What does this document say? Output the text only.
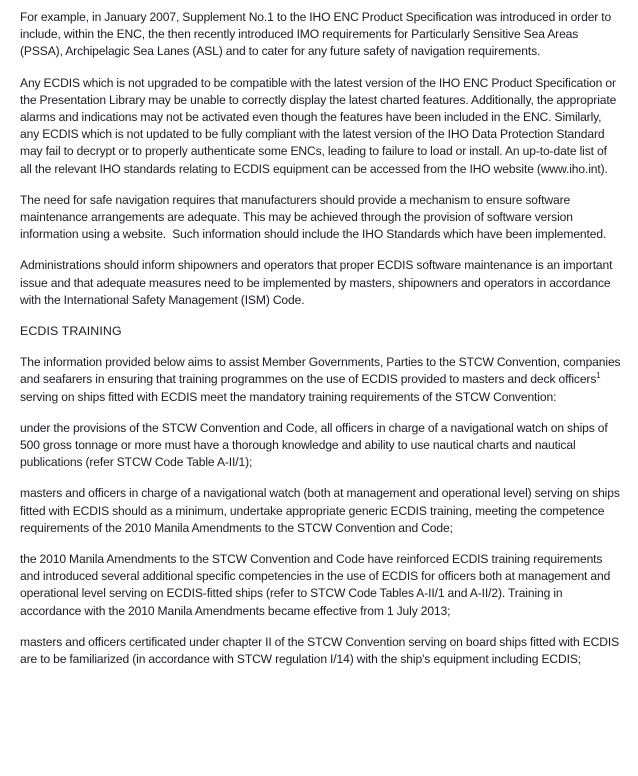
For example, in January 2007, Supplement No.1 to the IHO ENC Product Specification was introduced in order to include, within the ENC, the then recently introduced IMO requirements for Particularly Sensitive Sea Areas (PSSA), Archipelagic Sea Lanes (ASL) and to cater for any future safety of navigation requirements.

Any ECDIS which is not upgraded to be compatible with the latest version of the IHO ENC Product Specification or the Presentation Library may be unable to correctly display the latest charted features. Additionally, the appropriate alarms and indications may not be activated even though the features have been included in the ENC. Similarly, any ECDIS which is not updated to be fully compliant with the latest version of the IHO Data Protection Standard may fail to decrypt or to properly authenticate some ENCs, leading to failure to load or install. An up-to-date list of all the relevant IHO standards relating to ECDIS equipment can be accessed from the IHO website (www.iho.int).

The need for safe navigation requires that manufacturers should provide a mechanism to ensure software maintenance arrangements are adequate. This may be achieved through the provision of software version information using a website.  Such information should include the IHO Standards which have been implemented.

Administrations should inform shipowners and operators that proper ECDIS software maintenance is an important issue and that adequate measures need to be implemented by masters, shipowners and operators in accordance with the International Safety Management (ISM) Code.

ECDIS TRAINING

The information provided below aims to assist Member Governments, Parties to the STCW Convention, companies and seafarers in ensuring that training programmes on the use of ECDIS provided to masters and deck officers$^1$ serving on ships fitted with ECDIS meet the mandatory training requirements of the STCW Convention:

under the provisions of the STCW Convention and Code, all officers in charge of a navigational watch on ships of 500 gross tonnage or more must have a thorough knowledge and ability to use nautical charts and nautical publications (refer STCW Code Table A-II/1);

masters and officers in charge of a navigational watch (both at management and operational level) serving on ships fitted with ECDIS should as a minimum, undertake appropriate generic ECDIS training, meeting the competence requirements of the 2010 Manila Amendments to the STCW Convention and Code;

the 2010 Manila Amendments to the STCW Convention and Code have reinforced ECDIS training requirements and introduced several additional specific competencies in the use of ECDIS for officers both at management and operational level serving on ECDIS-fitted ships (refer to STCW Code Tables A-II/1 and A-II/2). Training in accordance with the 2010 Manila Amendments became effective from 1 July 2013;

masters and officers certificated under chapter II of the STCW Convention serving on board ships fitted with ECDIS are to be familiarized (in accordance with STCW regulation I/14) with the ship's equipment including ECDIS;
